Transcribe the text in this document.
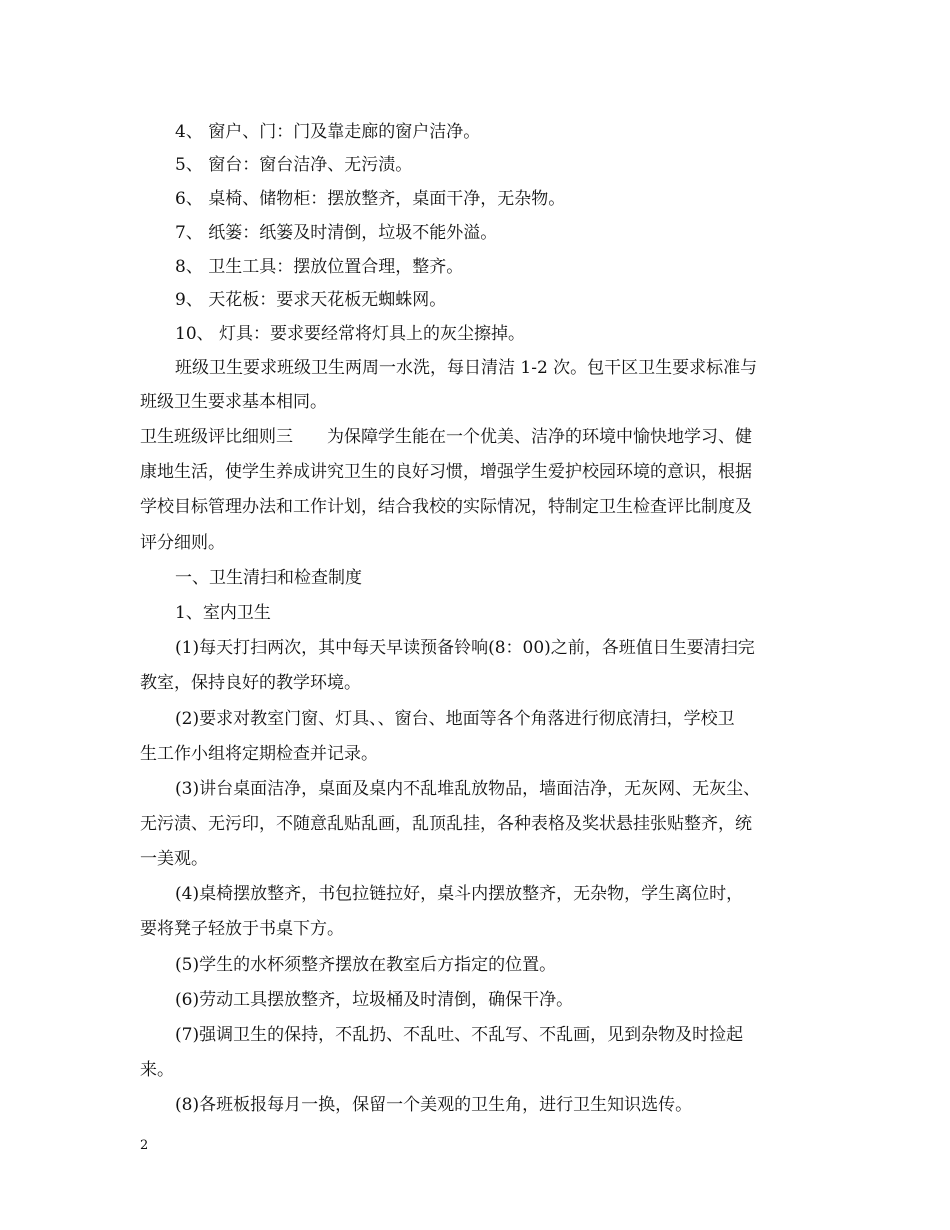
4、 窗户、门：门及靠走廊的窗户洁净。
5、 窗台：窗台洁净、无污渍。
6、 桌椅、储物柜：摆放整齐，桌面干净，无杂物。
7、 纸篓：纸篓及时清倒，垃圾不能外溢。
8、 卫生工具：摆放位置合理，整齐。
9、 天花板：要求天花板无蜘蛛网。
10、 灯具：要求要经常将灯具上的灰尘擦掉。
班级卫生要求班级卫生两周一水洗，每日清洁 1-2 次。包干区卫生要求标准与
班级卫生要求基本相同。
卫生班级评比细则三　　为保障学生能在一个优美、洁净的环境中愉快地学习、健
康地生活，使学生养成讲究卫生的良好习惯，增强学生爱护校园环境的意识，根据
学校目标管理办法和工作计划，结合我校的实际情况，特制定卫生检查评比制度及
评分细则。
一、卫生清扫和检查制度
1、室内卫生
(1)每天打扫两次，其中每天早读预备铃响(8：00)之前，各班值日生要清扫完
教室，保持良好的教学环境。
(2)要求对教室门窗、灯具、、窗台、地面等各个角落进行彻底清扫，学校卫
生工作小组将定期检查并记录。
(3)讲台桌面洁净，桌面及桌内不乱堆乱放物品，墙面洁净，无灰网、无灰尘、
无污渍、无污印，不随意乱贴乱画，乱顶乱挂，各种表格及奖状悬挂张贴整齐，统
一美观。
(4)桌椅摆放整齐，书包拉链拉好，桌斗内摆放整齐，无杂物，学生离位时，
要将凳子轻放于书桌下方。
(5)学生的水杯须整齐摆放在教室后方指定的位置。
(6)劳动工具摆放整齐，垃圾桶及时清倒，确保干净。
(7)强调卫生的保持，不乱扔、不乱吐、不乱写、不乱画，见到杂物及时捡起
来。
(8)各班板报每月一换，保留一个美观的卫生角，进行卫生知识选传。
2
